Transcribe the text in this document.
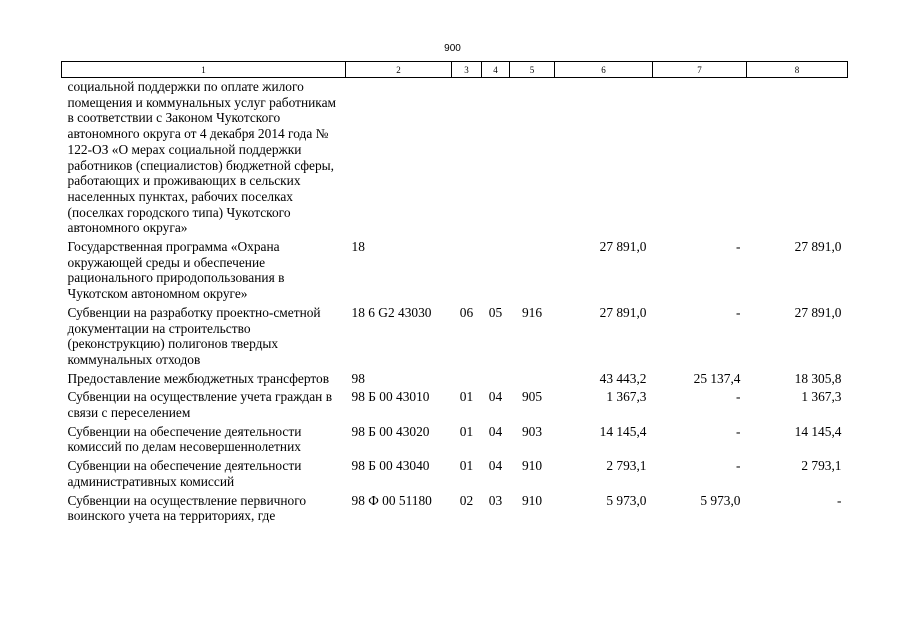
900
1	2	3	4	5	6	7	8
социальной поддержки по оплате жилого помещения и коммунальных услуг работникам в соответствии с Законом Чукотского автономного округа от 4 декабря 2014 года № 122-ОЗ «О мерах социальной поддержки работников (специалистов) бюджетной сферы, работающих и проживающих в сельских населенных пунктах, рабочих поселках (поселках городского типа) Чукотского автономного округа»							
Государственная программа «Охрана окружающей среды и обеспечение рационального природопользования в Чукотском автономном округе»	18				27 891,0	-	27 891,0
Субвенции на разработку проектно-сметной документации на строительство (реконструкцию) полигонов твердых коммунальных отходов	18 6 G2 43030	06	05	916	27 891,0	-	27 891,0
Предоставление межбюджетных трансфертов	98				43 443,2	25 137,4	18 305,8
Субвенции на осуществление учета граждан в связи с переселением	98 Б 00 43010	01	04	905	1 367,3	-	1 367,3
Субвенции на обеспечение деятельности комиссий по делам несовершеннолетних	98 Б 00 43020	01	04	903	14 145,4	-	14 145,4
Субвенции на обеспечение деятельности административных комиссий	98 Б 00 43040	01	04	910	2 793,1	-	2 793,1
Субвенции на осуществление первичного воинского учета на территориях, где	98 Ф 00 51180	02	03	910	5 973,0	5 973,0	-
